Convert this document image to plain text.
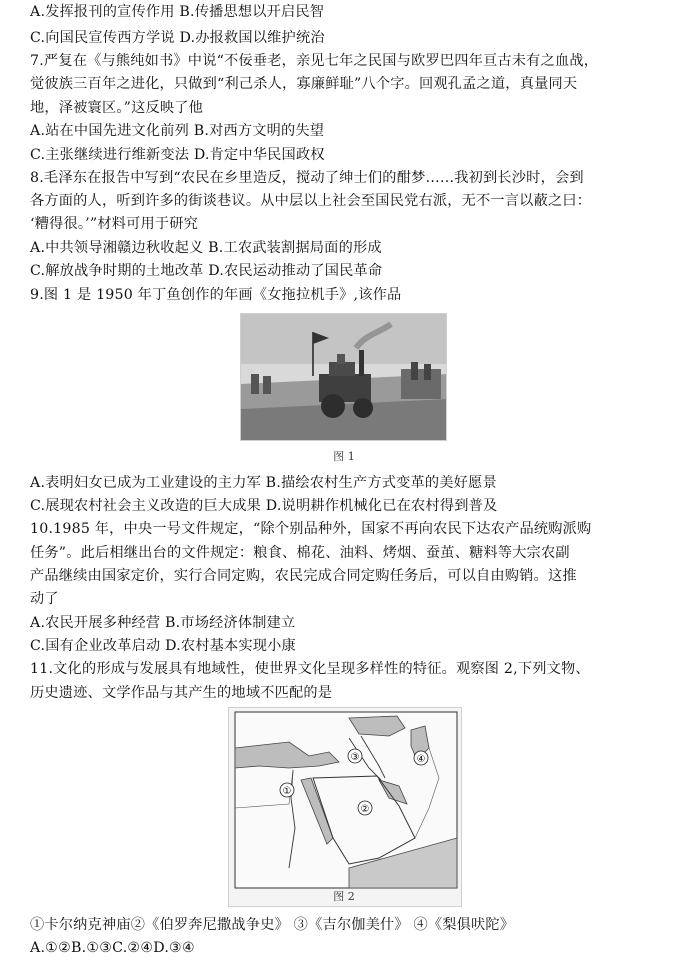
A.发挥报刊的宣传作用 B.传播思想以开启民智
C.向国民宣传西方学说 D.办报救国以维护统治
7.严复在《与熊纯如书》中说“不佞垂老，亲见七年之民国与欧罗巴四年亘古未有之血战，
觉彼族三百年之进化，只做到“利己杀人，寡廉鲜耻”八个字。回观孔孟之道，真量同天
地，泽被寰区。”这反映了他
A.站在中国先进文化前列 B.对西方文明的失望
C.主张继续进行维新变法 D.肯定中华民国政权
8.毛泽东在报告中写到“农民在乡里造反，搅动了绅士们的酣梦……我初到长沙时，会到
各方面的人，听到许多的街谈巷议。从中层以上社会至国民党右派，无不一言以蔽之曰：
‘糟得很。’”材料可用于研究
A.中共领导湘赣边秋收起义 B.工农武装割据局面的形成
C.解放战争时期的土地改革 D.农民运动推动了国民革命
9.图 1 是 1950 年丁鱼创作的年画《女拖拉机手》,该作品
图 1
A.表明妇女已成为工业建设的主力军 B.描绘农村生产方式变革的美好愿景
C.展现农村社会主义改造的巨大成果 D.说明耕作机械化已在农村得到普及
10.1985 年，中央一号文件规定，“除个别品种外，国家不再向农民下达农产品统购派购
任务”。此后相继出台的文件规定：粮食、棉花、油料、烤烟、蚕茧、糖料等大宗农副
产品继续由国家定价，实行合同定购，农民完成合同定购任务后，可以自由购销。这推
动了
A.农民开展多种经营 B.市场经济体制建立
C.国有企业改革启动 D.农村基本实现小康
11.文化的形成与发展具有地域性，使世界文化呈现多样性的特征。观察图 2,下列文物、
历史遗迹、文学作品与其产生的地域不匹配的是
①
②
③	④
图 2
①卡尔纳克神庙②《伯罗奔尼撒战争史》 ③《吉尔伽美什》 ④《梨俱吠陀》
A.①②B.①③C.②④D.③④
